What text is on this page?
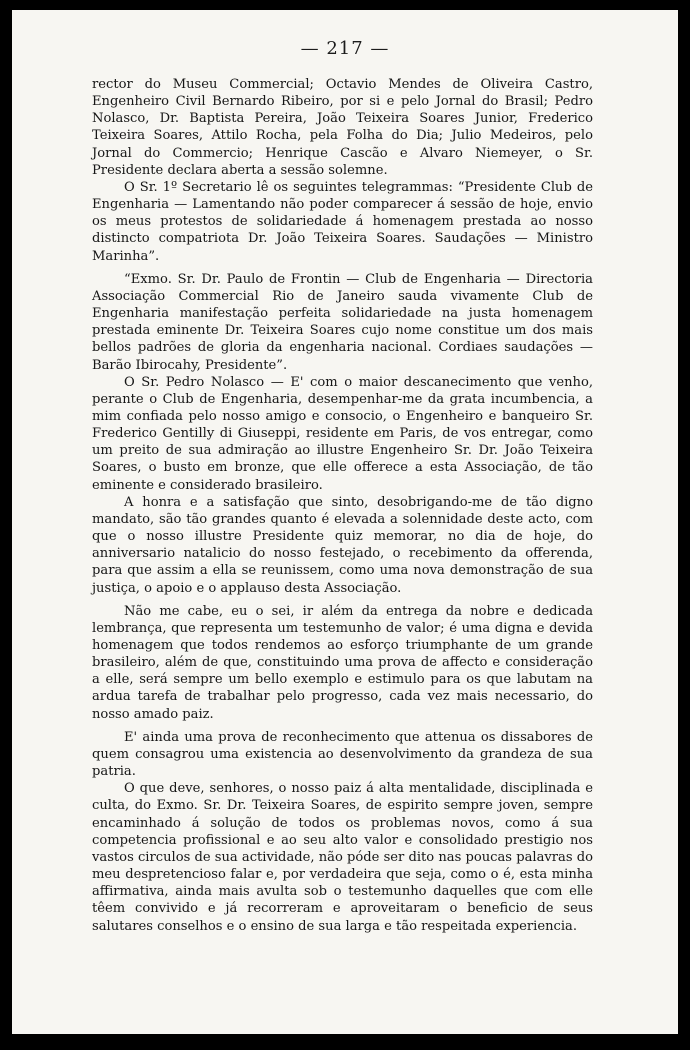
— 217 —

rector do Museu Commercial; Octavio Mendes de Oliveira Castro, Engenheiro Civil Bernardo Ribeiro, por si e pelo Jornal do Brasil; Pedro Nolasco, Dr. Baptista Pereira, João Teixeira Soares Junior, Frederico Teixeira Soares, Attilo Rocha, pela Folha do Dia; Julio Medeiros, pelo Jornal do Commercio; Henrique Cascão e Alvaro Niemeyer, o Sr. Presidente declara aberta a sessão solemne.

O Sr. 1º Secretario lê os seguintes telegrammas: “Presidente Club de Engenharia — Lamentando não poder comparecer á sessão de hoje, envio os meus protestos de solidariedade á homenagem prestada ao nosso distincto compatriota Dr. João Teixeira Soares. Saudações — Ministro Marinha”.

“Exmo. Sr. Dr. Paulo de Frontin — Club de Engenharia — Directoria Associação Commercial Rio de Janeiro sauda vivamente Club de Engenharia manifestação perfeita solidariedade na justa homenagem prestada eminente Dr. Teixeira Soares cujo nome constitue um dos mais bellos padrões de gloria da engenharia nacional. Cordiaes saudações — Barão Ibirocahy, Presidente”.

O Sr. Pedro Nolasco — E' com o maior descanecimento que venho, perante o Club de Engenharia, desempenhar-me da grata incumbencia, a mim confiada pelo nosso amigo e consocio, o Engenheiro e banqueiro Sr. Frederico Gentilly di Giuseppi, residente em Paris, de vos entregar, como um preito de sua admiração ao illustre Engenheiro Sr. Dr. João Teixeira Soares, o busto em bronze, que elle offerece a esta Associação, de tão eminente e considerado brasileiro.

A honra e a satisfação que sinto, desobrigando-me de tão digno mandato, são tão grandes quanto é elevada a solennidade deste acto, com que o nosso illustre Presidente quiz memorar, no dia de hoje, do anniversario natalicio do nosso festejado, o recebimento da offerenda, para que assim a ella se reunissem, como uma nova demonstração de sua justiça, o apoio e o applauso desta Associação.

Não me cabe, eu o sei, ir além da entrega da nobre e dedicada lembrança, que representa um testemunho de valor; é uma digna e devida homenagem que todos rendemos ao esforço triumphante de um grande brasileiro, além de que, constituindo uma prova de affecto e consideração a elle, será sempre um bello exemplo e estimulo para os que labutam na ardua tarefa de trabalhar pelo progresso, cada vez mais necessario, do nosso amado paiz.

E' ainda uma prova de reconhecimento que attenua os dissabores de quem consagrou uma existencia ao desenvolvimento da grandeza de sua patria.

O que deve, senhores, o nosso paiz á alta mentalidade, disciplinada e culta, do Exmo. Sr. Dr. Teixeira Soares, de espirito sempre joven, sempre encaminhado á solução de todos os problemas novos, como á sua competencia profissional e ao seu alto valor e consolidado prestigio nos vastos circulos de sua actividade, não póde ser dito nas poucas palavras do meu despretencioso falar e, por verdadeira que seja, como o é, esta minha affirmativa, ainda mais avulta sob o testemunho daquelles que com elle têem convivido e já recorreram e aproveitaram o beneficio de seus salutares conselhos e o ensino de sua larga e tão respeitada experiencia.
